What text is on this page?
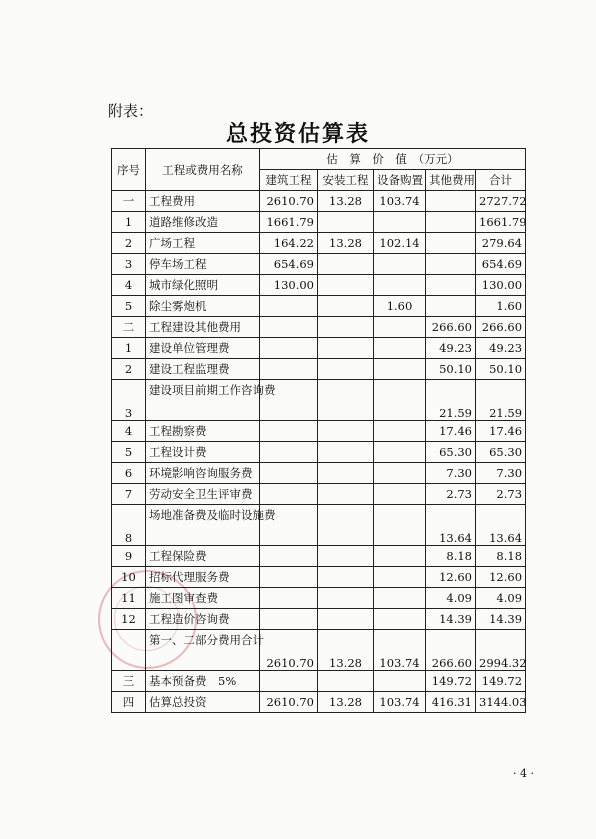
附表：
总投资估算表
序号	工程或费用名称	估　算　价　值　（万元）				
		建筑工程	安装工程	设备购置	其他费用	合计
一	工程费用	2610.70	13.28	103.74		2727.72
1	道路维修改造	1661.79				1661.79
2	广场工程	164.22	13.28	102.14		279.64
3	停车场工程	654.69				654.69
4	城市绿化照明	130.00				130.00
5	除尘雾炮机			1.60		1.60
二	工程建设其他费用				266.60	266.60
1	建设单位管理费				49.23	49.23
2	建设工程监理费				50.10	50.10
3	建设项目前期工作咨询费				21.59	21.59
4	工程勘察费				17.46	17.46
5	工程设计费				65.30	65.30
6	环境影响咨询服务费				7.30	7.30
7	劳动安全卫生评审费				2.73	2.73
8	场地准备费及临时设施费				13.64	13.64
9	工程保险费				8.18	8.18
10	招标代理服务费				12.60	12.60
11	施工图审查费				4.09	4.09
12	工程造价咨询费				14.39	14.39
	第一、二部分费用合计	2610.70	13.28	103.74	266.60	2994.32
三	基本预备费　5%				149.72	149.72
四	估算总投资	2610.70	13.28	103.74	416.31	3144.03
· 4 ·
